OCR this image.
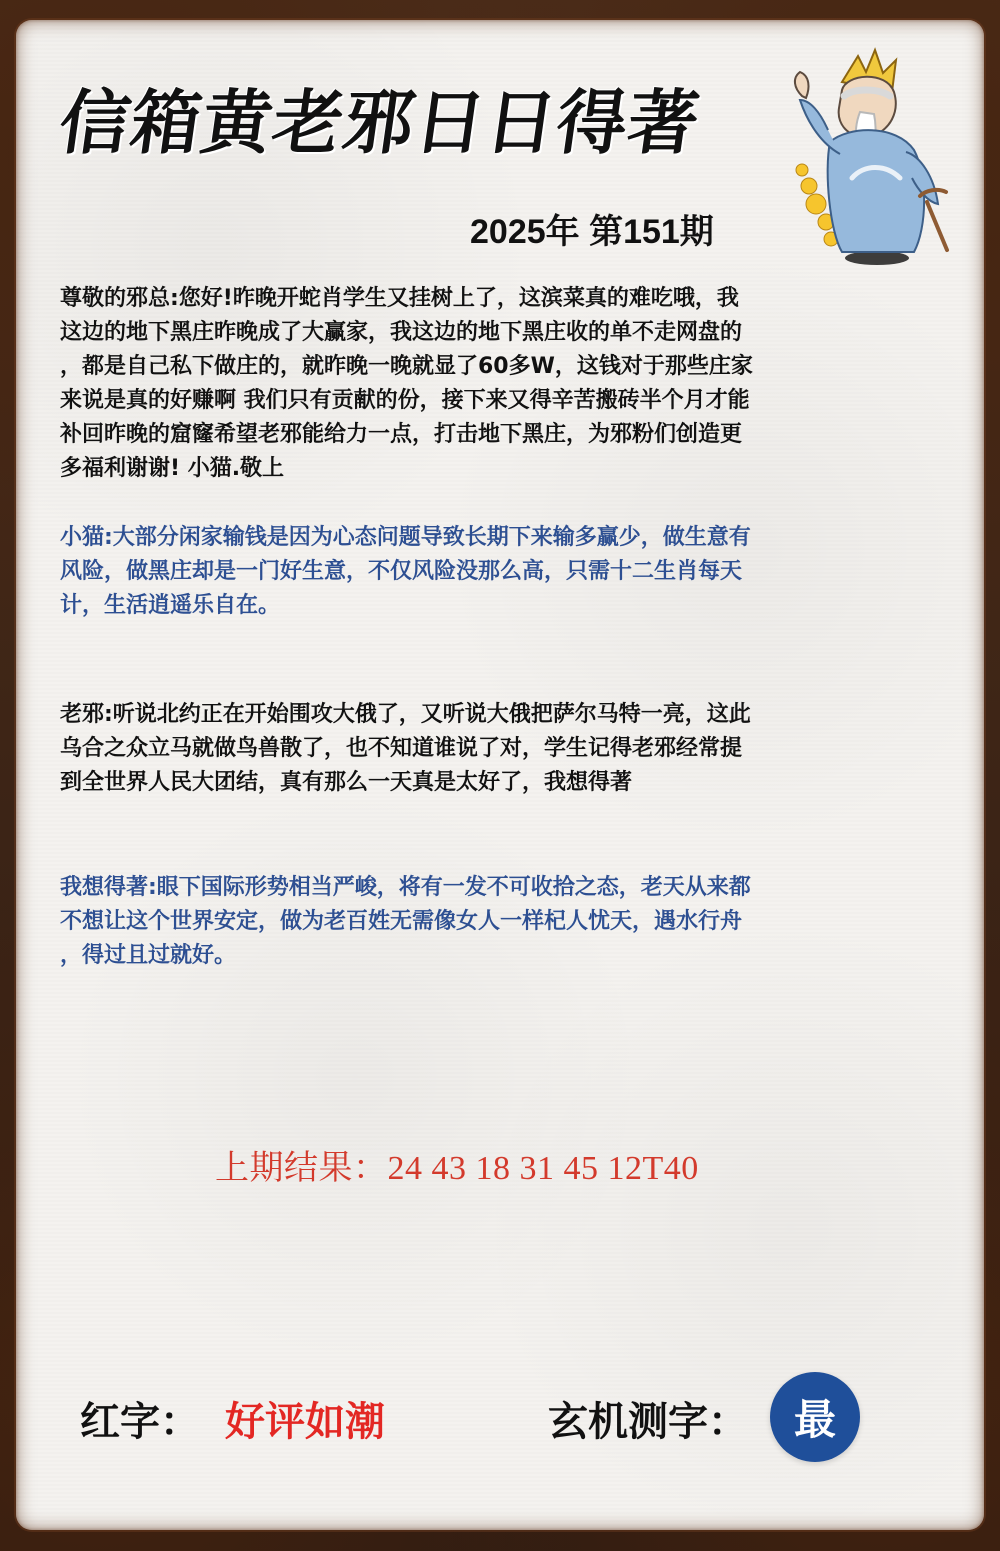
信箱黄老邪日日得著
2025年 第151期
尊敬的邪总:您好!昨晚开蛇肖学生又挂树上了，这滨菜真的难吃哦，我
这边的地下黑庄昨晚成了大赢家，我这边的地下黑庄收的单不走网盘的
，都是自己私下做庄的，就昨晚一晚就显了60多W，这钱对于那些庄家
来说是真的好赚啊 我们只有贡献的份，接下来又得辛苦搬砖半个月才能
补回昨晚的窟窿希望老邪能给力一点，打击地下黑庄，为邪粉们创造更
多福利谢谢! 小猫.敬上
小猫:大部分闲家输钱是因为心态问题导致长期下来输多赢少，做生意有
风险，做黑庄却是一门好生意，不仅风险没那么高，只需十二生肖每天
计，生活逍遥乐自在。
老邪:听说北约正在开始围攻大俄了，又听说大俄把萨尔马特一亮，这此
乌合之众立马就做鸟兽散了，也不知道谁说了对，学生记得老邪经常提
到全世界人民大团结，真有那么一天真是太好了，我想得著
我想得著:眼下国际形势相当严峻，将有一发不可收拾之态，老天从来都
不想让这个世界安定，做为老百姓无需像女人一样杞人忧天，遇水行舟
，得过且过就好。
上期结果：24 43 18 31 45 12T40
红字： 好评如潮	玄机测字： 最
